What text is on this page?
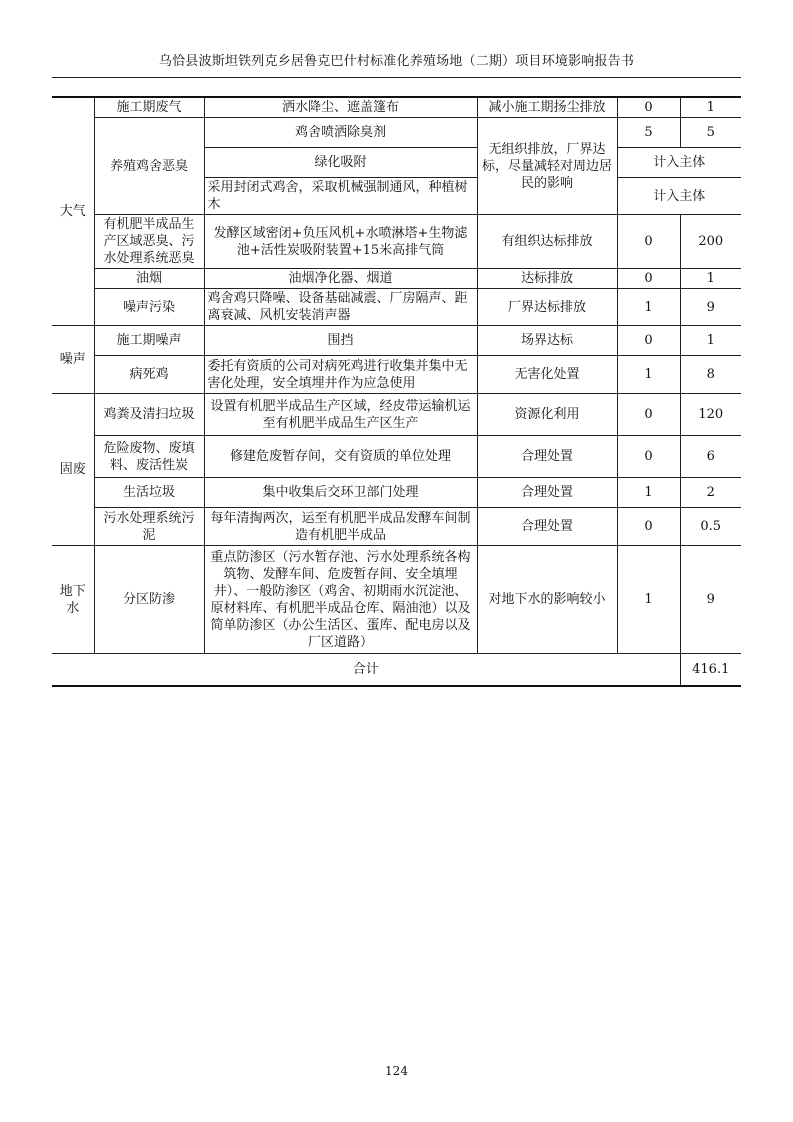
乌恰县波斯坦铁列克乡居鲁克巴什村标准化养殖场地（二期）项目环境影响报告书
大气	施工期废气	洒水降尘、遮盖篷布	减小施工期扬尘排放	0	1
	养殖鸡舍恶臭	鸡舍喷洒除臭剂	无组织排放，厂界达标，尽量减轻对周边居民的影响	5	5
		绿化吸附		计入主体	
		采用封闭式鸡舍，采取机械强制通风，种植树木		计入主体	
	有机肥半成品生产区域恶臭、污水处理系统恶臭	发酵区域密闭+负压风机+水喷淋塔+生物滤池+活性炭吸附装置+15米高排气筒	有组织达标排放	0	200
	油烟	油烟净化器、烟道	达标排放	0	1
	噪声污染	鸡舍鸡只降噪、设备基础减震、厂房隔声、距离衰减、风机安装消声器	厂界达标排放	1	9
噪声	施工期噪声	围挡	场界达标	0	1
	病死鸡	委托有资质的公司对病死鸡进行收集并集中无害化处理，安全填埋井作为应急使用	无害化处置	1	8
固废	鸡粪及清扫垃圾	设置有机肥半成品生产区域，经皮带运输机运至有机肥半成品生产区生产	资源化利用	0	120
	危险废物、废填料、废活性炭	修建危废暂存间，交有资质的单位处理	合理处置	0	6
	生活垃圾	集中收集后交环卫部门处理	合理处置	1	2
	污水处理系统污泥	每年清掏两次，运至有机肥半成品发酵车间制造有机肥半成品	合理处置	0	0.5
地下水	分区防渗	重点防渗区（污水暂存池、污水处理系统各构筑物、发酵车间、危废暂存间、安全填埋井）、一般防渗区（鸡舍、初期雨水沉淀池、原材料库、有机肥半成品仓库、隔油池）以及简单防渗区（办公生活区、蛋库、配电房以及厂区道路）	对地下水的影响较小	1	9
合计					416.1
124
